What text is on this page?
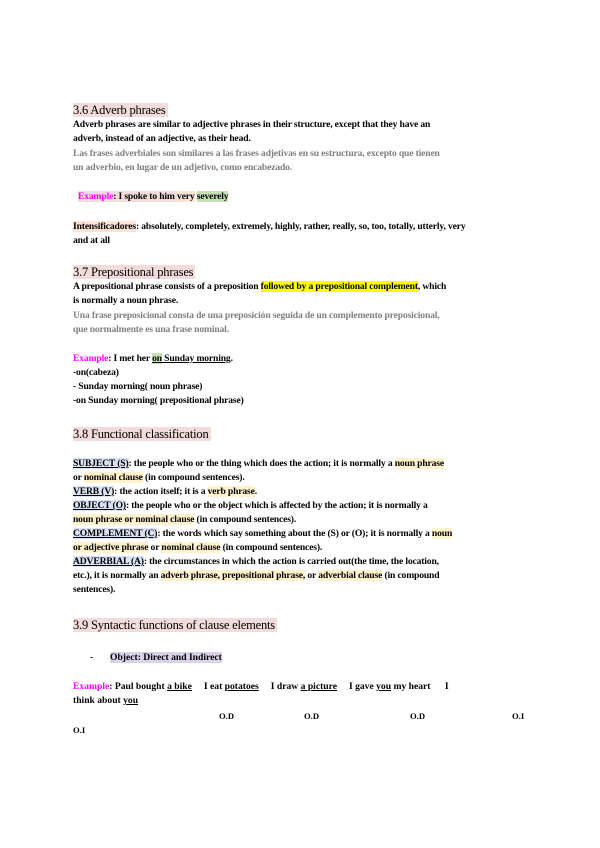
3.6 Adverb phrases
Adverb phrases are similar to adjective phrases in their structure, except that they have an
adverb, instead of an adjective, as their head.
Las frases adverbiales son similares a las frases adjetivas en su estructura, excepto que tienen
un adverbio, en lugar de un adjetivo, como encabezado.
Example: I spoke to him very severely
Intensificadores: absolutely, completely, extremely, highly, rather, really, so, too, totally, utterly, very
and at all
3.7 Prepositional phrases
A prepositional phrase consists of a preposition followed by a prepositional complement, which
is normally a noun phrase.
Una frase preposicional consta de una preposición seguida de un complemento preposicional,
que normalmente es una frase nominal.
Example: I met her on Sunday morning.
-on(cabeza)
- Sunday morning( noun phrase)
-on Sunday morning( prepositional phrase)
3.8 Functional classification
SUBJECT (S): the people who or the thing which does the action; it is normally a noun phrase
or nominal clause (in compound sentences).
VERB (V): the action itself; it is a verb phrase.
OBJECT (O): the people who or the object which is affected by the action; it is normally a
noun phrase or nominal clause (in compound sentences).
COMPLEMENT (C): the words which say something about the (S) or (O); it is normally a noun
or adjective phrase or nominal clause (in compound sentences).
ADVERBIAL (A): the circumstances in which the action is carried out(the time, the location,
etc.), it is normally an adverb phrase, prepositional phrase, or adverbial clause (in compound
sentences).
3.9 Syntactic functions of clause elements
- Object: Direct and Indirect
Example: Paul bought a bike     I eat potatoes     I draw a picture     I gave you my heart      I
think about you
O.D	O.D	O.D	O.I
O.I
